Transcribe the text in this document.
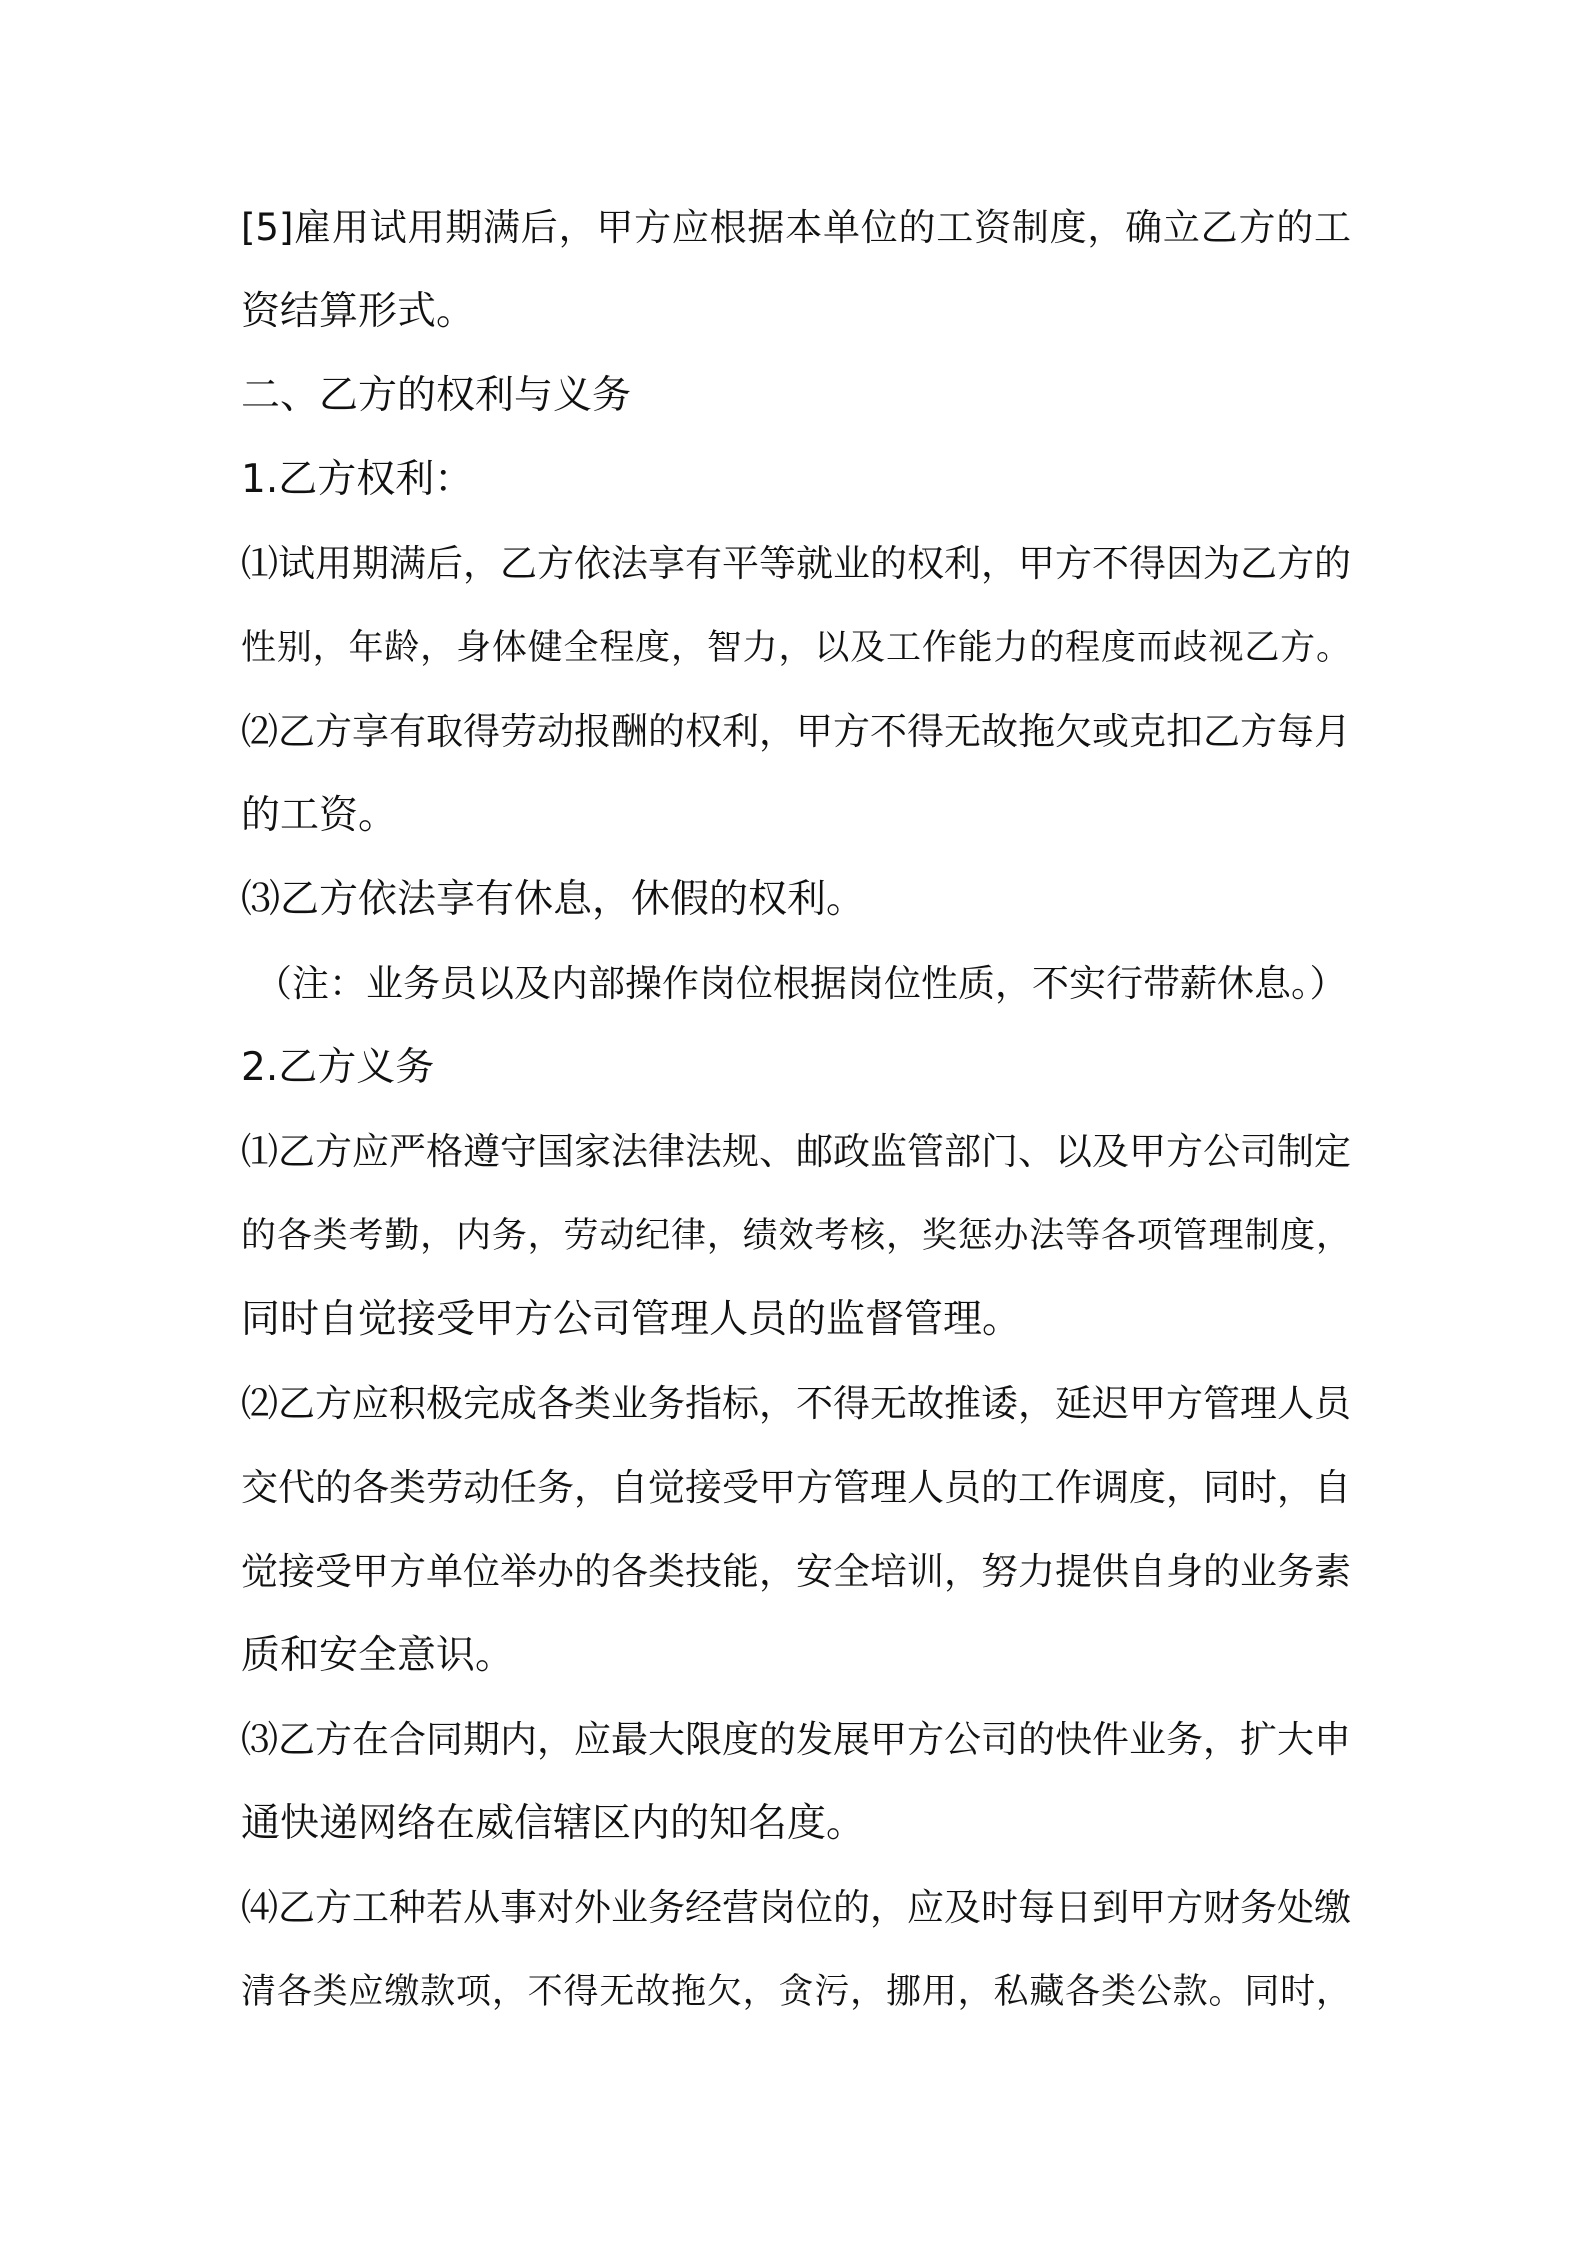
[5]雇用试用期满后，甲方应根据本单位的工资制度，确立乙方的工
资结算形式。
二、乙方的权利与义务
1.乙方权利：
⑴试用期满后，乙方依法享有平等就业的权利，甲方不得因为乙方的
性别，年龄，身体健全程度，智力，以及工作能力的程度而歧视乙方。
⑵乙方享有取得劳动报酬的权利，甲方不得无故拖欠或克扣乙方每月
的工资。
⑶乙方依法享有休息，休假的权利。
（注：业务员以及内部操作岗位根据岗位性质，不实行带薪休息。）
2.乙方义务
⑴乙方应严格遵守国家法律法规、邮政监管部门、以及甲方公司制定
的各类考勤，内务，劳动纪律，绩效考核，奖惩办法等各项管理制度，
同时自觉接受甲方公司管理人员的监督管理。
⑵乙方应积极完成各类业务指标，不得无故推诿，延迟甲方管理人员
交代的各类劳动任务，自觉接受甲方管理人员的工作调度，同时，自
觉接受甲方单位举办的各类技能，安全培训，努力提供自身的业务素
质和安全意识。
⑶乙方在合同期内，应最大限度的发展甲方公司的快件业务，扩大申
通快递网络在威信辖区内的知名度。
⑷乙方工种若从事对外业务经营岗位的，应及时每日到甲方财务处缴
清各类应缴款项，不得无故拖欠，贪污，挪用，私藏各类公款。同时，
